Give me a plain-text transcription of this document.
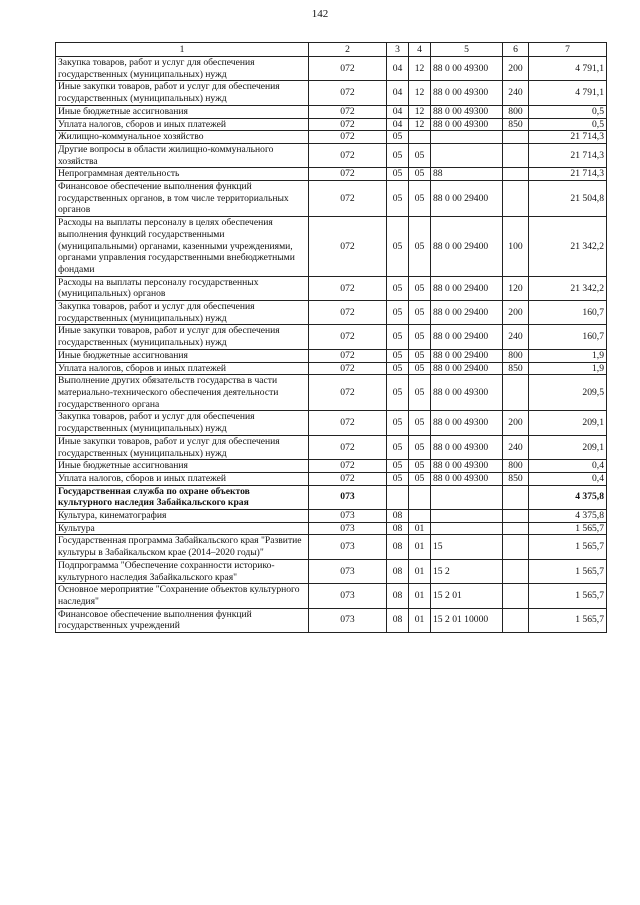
142
1	2	3	4	5	6	7
Закупка товаров, работ и услуг для обеспечения государственных (муниципальных) нужд	072	04	12	88 0 00 49300	200	4 791,1
Иные закупки товаров, работ и услуг для обеспечения государственных (муниципальных) нужд	072	04	12	88 0 00 49300	240	4 791,1
Иные бюджетные ассигнования	072	04	12	88 0 00 49300	800	0,5
Уплата налогов, сборов и иных платежей	072	04	12	88 0 00 49300	850	0,5
Жилищно-коммунальное хозяйство	072	05				21 714,3
Другие вопросы в области жилищно-коммунального хозяйства	072	05	05			21 714,3
Непрограммная деятельность	072	05	05	88		21 714,3
Финансовое обеспечение выполнения функций государственных органов, в том числе территориальных органов	072	05	05	88 0 00 29400		21 504,8
Расходы на выплаты персоналу в целях обеспечения выполнения функций государственными (муниципальными) органами, казенными учреждениями, органами управления государственными внебюджетными фондами	072	05	05	88 0 00 29400	100	21 342,2
Расходы на выплаты персоналу государственных (муниципальных) органов	072	05	05	88 0 00 29400	120	21 342,2
Закупка товаров, работ и услуг для обеспечения государственных (муниципальных) нужд	072	05	05	88 0 00 29400	200	160,7
Иные закупки товаров, работ и услуг для обеспечения государственных (муниципальных) нужд	072	05	05	88 0 00 29400	240	160,7
Иные бюджетные ассигнования	072	05	05	88 0 00 29400	800	1,9
Уплата налогов, сборов и иных платежей	072	05	05	88 0 00 29400	850	1,9
Выполнение других обязательств государства в части материально-технического обеспечения деятельности государственного органа	072	05	05	88 0 00 49300		209,5
Закупка товаров, работ и услуг для обеспечения государственных (муниципальных) нужд	072	05	05	88 0 00 49300	200	209,1
Иные закупки товаров, работ и услуг для обеспечения государственных (муниципальных) нужд	072	05	05	88 0 00 49300	240	209,1
Иные бюджетные ассигнования	072	05	05	88 0 00 49300	800	0,4
Уплата налогов, сборов и иных платежей	072	05	05	88 0 00 49300	850	0,4
Государственная служба по охране объектов культурного наследия Забайкальского края	073					4 375,8
Культура, кинематография	073	08				4 375,8
Культура	073	08	01			1 565,7
Государственная программа Забайкальского края "Развитие культуры в Забайкальском крае (2014–2020 годы)"	073	08	01	15		1 565,7
Подпрограмма "Обеспечение сохранности историко-культурного наследия Забайкальского края"	073	08	01	15 2		1 565,7
Основное мероприятие "Сохранение объектов культурного наследия"	073	08	01	15 2 01		1 565,7
Финансовое обеспечение выполнения функций государственных учреждений	073	08	01	15 2 01 10000		1 565,7
